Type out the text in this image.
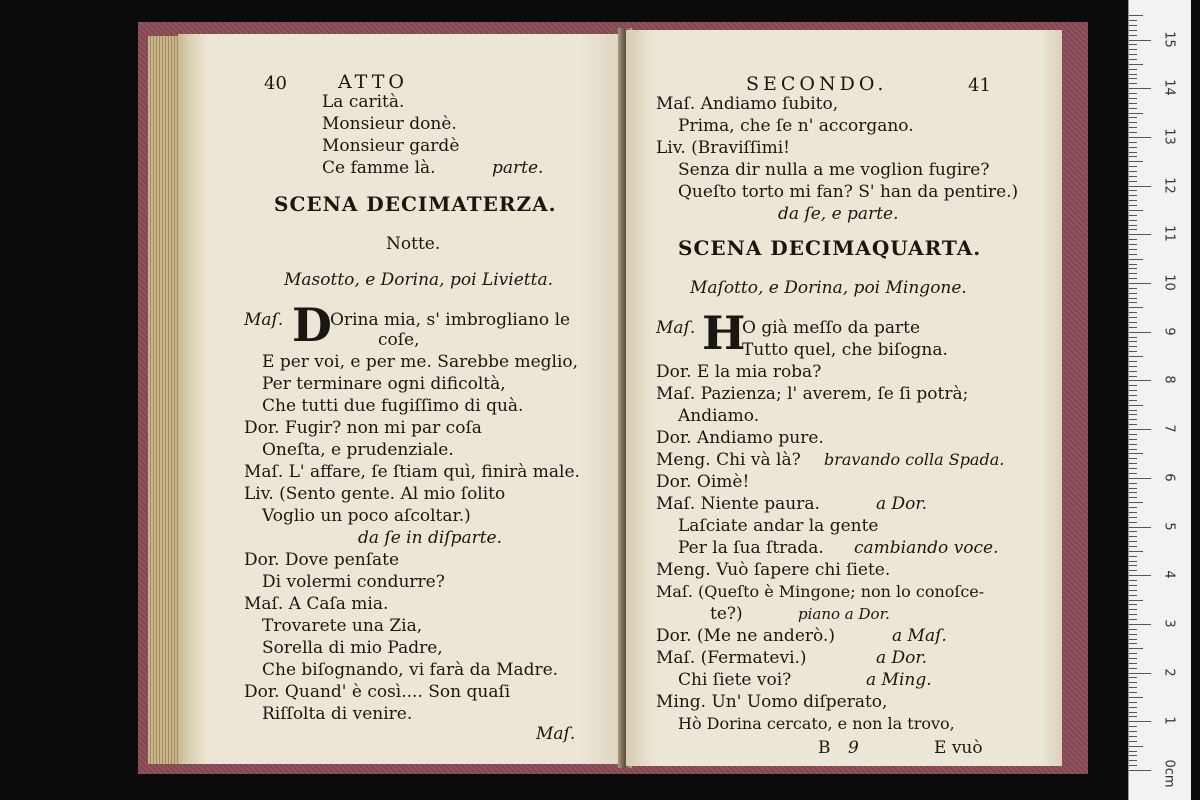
40	ATTO
La carità.
Monsieur donè.
Monsieur gardè
Ce famme là.	parte.
SCENA DECIMATERZA.
Notte.
Masotto, e Dorina, poi Livietta.
Maſ. D
Orina mia, s' imbrogliano le
coſe,
E per voi, e per me. Sarebbe meglio,
Per terminare ogni dificoltà,
Che tutti due fugiſſimo di quà.
Dor. Fugir? non mi par coſa
Oneſta, e prudenziale.
Maſ. L' affare, ſe ſtiam quì, finirà male.
Liv. (Sento gente. Al mio ſolito
Voglio un poco aſcoltar.)
da ſe in diſparte.
Dor. Dove penſate
Di volermi condurre?
Maſ. A Caſa mia.
Trovarete una Zia,
Sorella di mio Padre,
Che biſognando, vi farà da Madre.
Dor. Quand' è così.... Son quaſi
Riſſolta di venire.
Maſ.
SECONDO.	41
Maſ. Andiamo ſubito,
Prima, che ſe n' accorgano.
Liv. (Braviſſimi!
Senza dir nulla a me voglion fugire?
Queſto torto mi fan? S' han da pentire.)
da ſe, e parte.
SCENA DECIMAQUARTA.
Maſotto, e Dorina, poi Mingone.
Maſ. H
O già meſſo da parte
Tutto quel, che biſogna.
Dor. E la mia roba?
Maſ. Pazienza; l' averem, ſe ſi potrà;
Andiamo.
Dor. Andiamo pure.
Meng. Chi và là? bravando colla Spada.
Dor. Oimè!
Maſ. Niente paura.	a Dor.
Laſciate andar la gente
Per la ſua ſtrada. cambiando voce.
Meng. Vuò ſapere chi ſiete.
Maſ. (Queſto è Mingone; non lo conoſce-
te?)	piano a Dor.
Dor. (Me ne anderò.)	a Maſ.
Maſ. (Fermatevi.)	a Dor.
Chi ſiete voi?	a Ming.
Ming. Un' Uomo diſperato,
Hò Dorina cercato, e non la trovo,
B 9	E vuò
0cm
1
2
3
4
5
6
7
8
9
10
11
12
13
14
15
